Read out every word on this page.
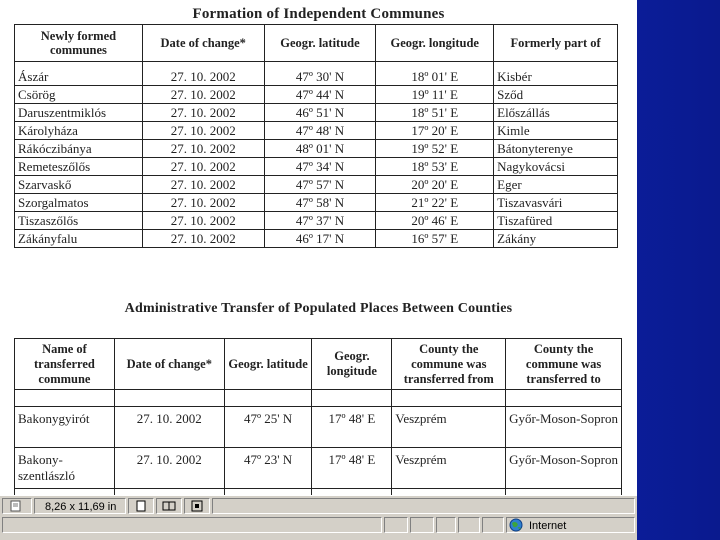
Formation of Independent Communes
Newly formed communes	Date of change*	Geogr. latitude	Geogr. longitude	Formerly part of

Ászár	27. 10. 2002	47º 30' N	18º 01' E	Kisbér
Csörög	27. 10. 2002	47º 44' N	19º 11' E	Sződ
Daruszentmiklós	27. 10. 2002	46º 51' N	18º 51' E	Előszállás
Károlyháza	27. 10. 2002	47º 48' N	17º 20' E	Kimle
Rákóczibánya	27. 10. 2002	48º 01' N	19º 52' E	Bátonyterenye
Remeteszőlős	27. 10. 2002	47º 34' N	18º 53' E	Nagykovácsi
Szarvaskő	27. 10. 2002	47º 57' N	20º 20' E	Eger
Szorgalmatos	27. 10. 2002	47º 58' N	21º 22' E	Tiszavasvári
Tiszaszőlős	27. 10. 2002	47º 37' N	20º 46' E	Tiszafüred
Zákányfalu	27. 10. 2002	46º 17' N	16º 57' E	Zákány
Administrative Transfer of Populated Places Between Counties
Name of transferred commune	Date of change*	Geogr. latitude	Geogr. longitude	County the commune was transferred from	County the commune was transferred to

Bakonygyirót	27. 10. 2002	47º 25' N	17º 48' E	Veszprém	Győr-Moson-Sopron
Bakony-szentlászló	27. 10. 2002	47º 23' N	17º 48' E	Veszprém	Győr-Moson-Sopron

8,26 x 11,69 in
Internet
